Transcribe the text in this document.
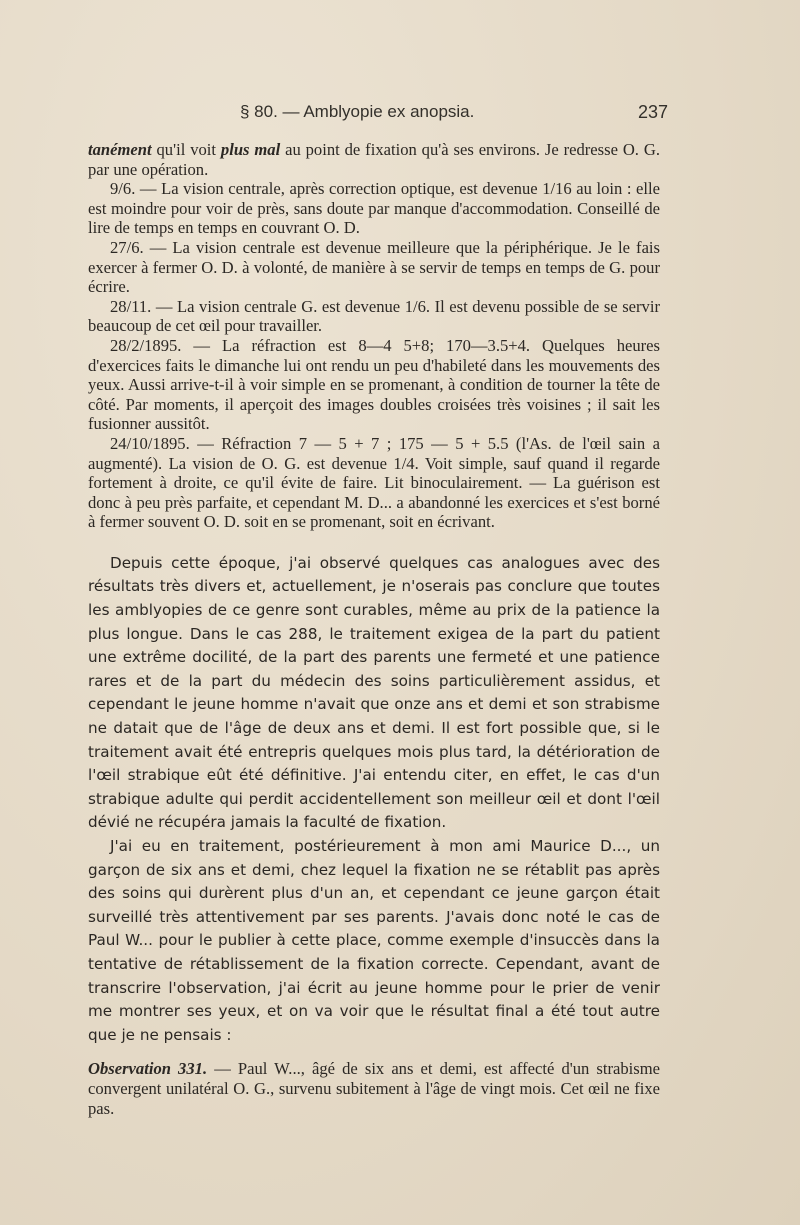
§ 80. — Amblyopie ex anopsia.	237

tanément qu'il voit plus mal au point de fixation qu'à ses environs. Je redresse O. G. par une opération.

9/6. — La vision centrale, après correction optique, est devenue 1/16 au loin : elle est moindre pour voir de près, sans doute par manque d'accommodation. Conseillé de lire de temps en temps en couvrant O. D.

27/6. — La vision centrale est devenue meilleure que la périphérique. Je le fais exercer à fermer O. D. à volonté, de manière à se servir de temps en temps de G. pour écrire.

28/11. — La vision centrale G. est devenue 1/6. Il est devenu possible de se servir beaucoup de cet œil pour travailler.

28/2/1895. — La réfraction est 8—4 5+8; 170—3.5+4. Quelques heures d'exercices faits le dimanche lui ont rendu un peu d'habileté dans les mouvements des yeux. Aussi arrive-t-il à voir simple en se promenant, à condition de tourner la tête de côté. Par moments, il aperçoit des images doubles croisées très voisines ; il sait les fusionner aussitôt.

24/10/1895. — Réfraction 7 — 5 + 7 ; 175 — 5 + 5.5 (l'As. de l'œil sain a augmenté). La vision de O. G. est devenue 1/4. Voit simple, sauf quand il regarde fortement à droite, ce qu'il évite de faire. Lit binoculairement. — La guérison est donc à peu près parfaite, et cependant M. D... a abandonné les exercices et s'est borné à fermer souvent O. D. soit en se promenant, soit en écrivant.

Depuis cette époque, j'ai observé quelques cas analogues avec des résultats très divers et, actuellement, je n'oserais pas conclure que toutes les amblyopies de ce genre sont curables, même au prix de la patience la plus longue. Dans le cas 288, le traitement exigea de la part du patient une extrême docilité, de la part des parents une fermeté et une patience rares et de la part du médecin des soins particulièrement assidus, et cependant le jeune homme n'avait que onze ans et demi et son strabisme ne datait que de l'âge de deux ans et demi. Il est fort possible que, si le traitement avait été entrepris quelques mois plus tard, la détérioration de l'œil strabique eût été définitive. J'ai entendu citer, en effet, le cas d'un strabique adulte qui perdit accidentellement son meilleur œil et dont l'œil dévié ne récupéra jamais la faculté de fixation.

J'ai eu en traitement, postérieurement à mon ami Maurice D..., un garçon de six ans et demi, chez lequel la fixation ne se rétablit pas après des soins qui durèrent plus d'un an, et cependant ce jeune garçon était surveillé très attentivement par ses parents. J'avais donc noté le cas de Paul W... pour le publier à cette place, comme exemple d'insuccès dans la tentative de rétablissement de la fixation correcte. Cependant, avant de transcrire l'observation, j'ai écrit au jeune homme pour le prier de venir me montrer ses yeux, et on va voir que le résultat final a été tout autre que je ne pensais :

Observation 331. — Paul W..., âgé de six ans et demi, est affecté d'un strabisme convergent unilatéral O. G., survenu subitement à l'âge de vingt mois. Cet œil ne fixe pas.
